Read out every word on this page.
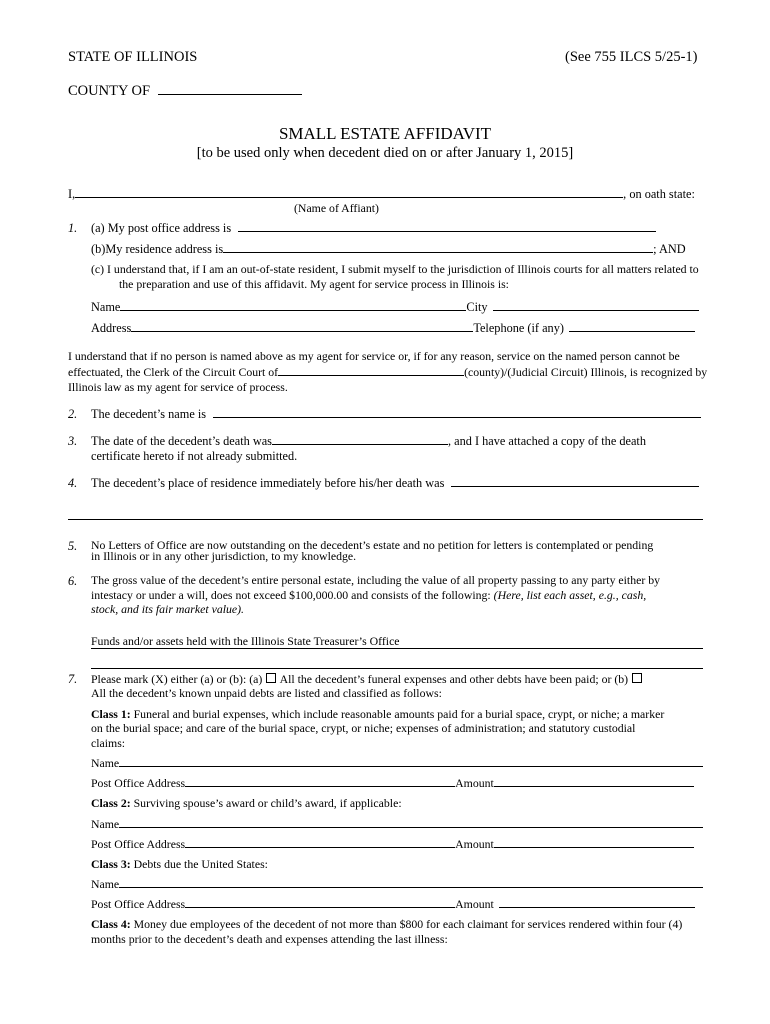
STATE OF ILLINOIS	(See 755 ILCS 5/25-1)
COUNTY OF
SMALL ESTATE AFFIDAVIT
[to be used only when decedent died on or after January 1, 2015]
I,	, on oath state:
(Name of Affiant)
1. (a) My post office address is
(b)My residence address is	; AND
(c) I understand that, if I am an out-of-state resident, I submit myself to the jurisdiction of Illinois courts for all matters related to
the preparation and use of this affidavit. My agent for service process in Illinois is:
Name	City
Address	Telephone (if any)
I understand that if no person is named above as my agent for service or, if for any reason, service on the named person cannot be
effectuated, the Clerk of the Circuit Court of	(county)/(Judicial Circuit) Illinois, is recognized by
Illinois law as my agent for service of process.
2. The decedent’s name is
3. The date of the decedent’s death was	, and I have attached a copy of the death
certificate hereto if not already submitted.
4. The decedent’s place of residence immediately before his/her death was
5. No Letters of Office are now outstanding on the decedent’s estate and no petition for letters is contemplated or pending
in Illinois or in any other jurisdiction, to my knowledge.
6. The gross value of the decedent’s entire personal estate, including the value of all property passing to any party either by
intestacy or under a will, does not exceed $100,000.00 and consists of the following: (Here, list each asset, e.g., cash,
stock, and its fair market value).
Funds and/or assets held with the Illinois State Treasurer’s Office
7. Please mark (X) either (a) or (b): (a) All the decedent’s funeral expenses and other debts have been paid; or (b)
All the decedent’s known unpaid debts are listed and classified as follows:
Class 1: Funeral and burial expenses, which include reasonable amounts paid for a burial space, crypt, or niche; a marker
on the burial space; and care of the burial space, crypt, or niche; expenses of administration; and statutory custodial
claims:
Name
Post Office Address	Amount
Class 2: Surviving spouse’s award or child’s award, if applicable:
Name
Post Office Address	Amount
Class 3: Debts due the United States:
Name
Post Office Address	Amount
Class 4: Money due employees of the decedent of not more than $800 for each claimant for services rendered within four (4)
months prior to the decedent’s death and expenses attending the last illness:
